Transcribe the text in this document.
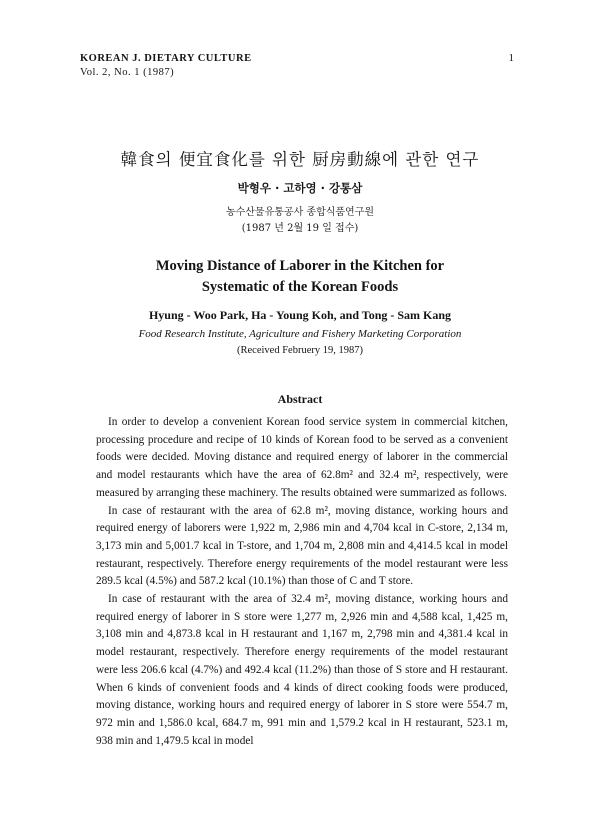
KOREAN J. DIETARY CULTURE
Vol. 2, No. 1 (1987)
1
韓食의 便宜食化를 위한 厨房動線에 관한 연구
박형우 · 고하영 · 강통삼
농수산물유통공사 종합식품연구원
(1987 년 2월 19 일 접수)
Moving Distance of Laborer in the Kitchen for
Systematic of the Korean Foods
Hyung - Woo Park, Ha - Young Koh, and Tong - Sam Kang
Food Research Institute, Agriculture and Fishery Marketing Corporation
(Received Februery 19, 1987)
Abstract

In order to develop a convenient Korean food service system in commercial kitchen, processing procedure and recipe of 10 kinds of Korean food to be served as a convenient foods were decided. Moving distance and required energy of laborer in the commercial and model restaurants which have the area of 62.8m² and 32.4 m², respectively, were measured by arranging these machinery. The results obtained were summarized as follows.

In case of restaurant with the area of 62.8 m², moving distance, working hours and required energy of laborers were 1,922 m, 2,986 min and 4,704 kcal in C-store, 2,134 m, 3,173 min and 5,001.7 kcal in T-store, and 1,704 m, 2,808 min and 4,414.5 kcal in model restaurant, respectively. Therefore energy requirements of the model restaurant were less 289.5 kcal (4.5%) and 587.2 kcal (10.1%) than those of C and T store.

In case of restaurant with the area of 32.4 m², moving distance, working hours and required energy of laborer in S store were 1,277 m, 2,926 min and 4,588 kcal, 1,425 m, 3,108 min and 4,873.8 kcal in H restaurant and 1,167 m, 2,798 min and 4,381.4 kcal in model restaurant, respectively. Therefore energy requirements of the model restaurant were less 206.6 kcal (4.7%) and 492.4 kcal (11.2%) than those of S store and H restaurant. When 6 kinds of convenient foods and 4 kinds of direct cooking foods were produced, moving distance, working hours and required energy of laborer in S store were 554.7 m, 972 min and 1,586.0 kcal, 684.7 m, 991 min and 1,579.2 kcal in H restaurant, 523.1 m, 938 min and 1,479.5 kcal in model
